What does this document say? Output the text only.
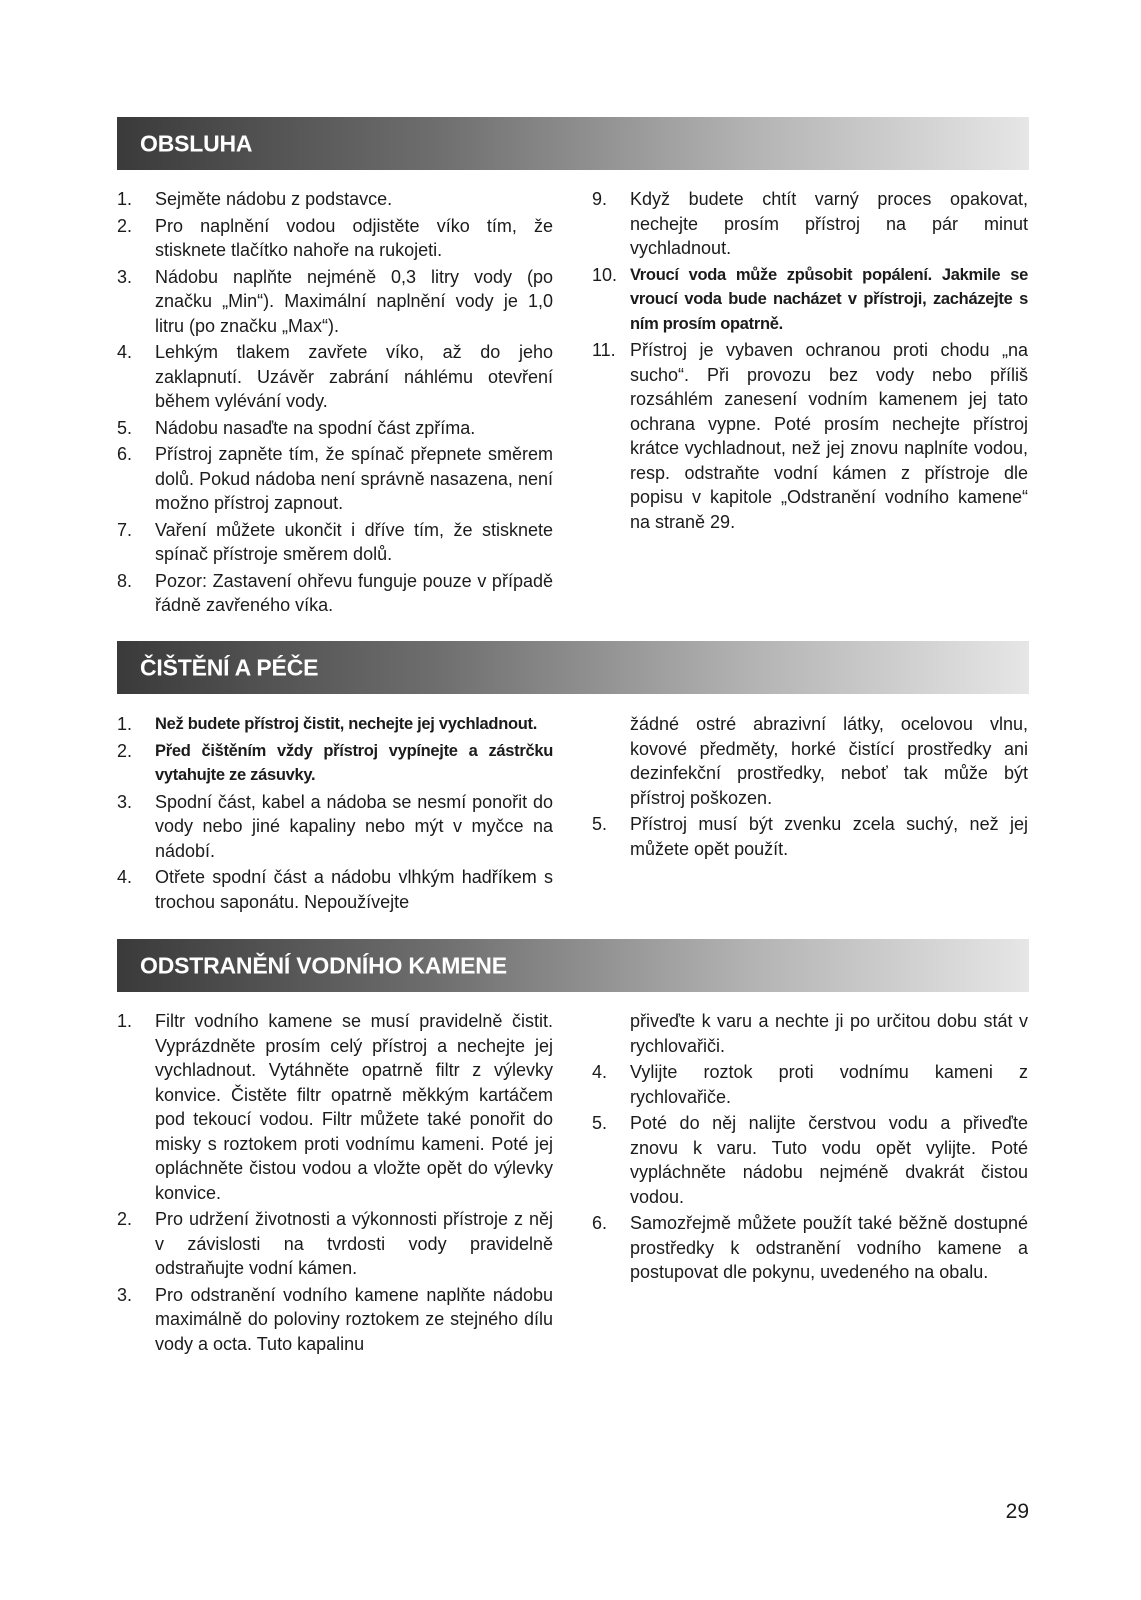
OBSLUHA
1. Sejměte nádobu z podstavce.
2. Pro naplnění vodou odjistěte víko tím, že stisknete tlačítko nahoře na rukojeti.
3. Nádobu naplňte nejméně 0,3 litry vody (po značku „Min“). Maximální naplnění vody je 1,0 litru (po značku „Max“).
4. Lehkým tlakem zavřete víko, až do jeho zaklapnutí. Uzávěr zabrání náhlému otevření během vylévání vody.
5. Nádobu nasaďte na spodní část zpříma.
6. Přístroj zapněte tím, že spínač přepnete směrem dolů. Pokud nádoba není správně nasazena, není možno přístroj zapnout.
7. Vaření můžete ukončit i dříve tím, že stisknete spínač přístroje směrem dolů.
8. Pozor: Zastavení ohřevu funguje pouze v případě řádně zavřeného víka.
9. Když budete chtít varný proces opakovat, nechejte prosím přístroj na pár minut vychladnout.
10. Vroucí voda může způsobit popálení. Jakmile se vroucí voda bude nacházet v přístroji, zacházejte s ním prosím opatrně.
11. Přístroj je vybaven ochranou proti chodu „na sucho“. Při provozu bez vody nebo příliš rozsáhlém zanesení vodním kamenem jej tato ochrana vypne. Poté prosím nechejte přístroj krátce vychladnout, než jej znovu naplníte vodou, resp. odstraňte vodní kámen z přístroje dle popisu v kapitole „Odstranění vodního kamene“ na straně 29.
ČIŠTĚNÍ A PÉČE
1. Než budete přístroj čistit, nechejte jej vychladnout.
2. Před čištěním vždy přístroj vypínejte a zástrčku vytahujte ze zásuvky.
3. Spodní část, kabel a nádoba se nesmí ponořit do vody nebo jiné kapaliny nebo mýt v myčce na nádobí.
4. Otřete spodní část a nádobu vlhkým hadříkem s trochou saponátu. Nepoužívejte
žádné ostré abrazivní látky, ocelovou vlnu, kovové předměty, horké čistící prostředky ani dezinfekční prostředky, neboť tak může být přístroj poškozen.
5. Přístroj musí být zvenku zcela suchý, než jej můžete opět použít.
ODSTRANĚNÍ VODNÍHO KAMENE
1. Filtr vodního kamene se musí pravidelně čistit. Vyprázdněte prosím celý přístroj a nechejte jej vychladnout. Vytáhněte opatrně filtr z výlevky konvice. Čistěte filtr opatrně měkkým kartáčem pod tekoucí vodou. Filtr můžete také ponořit do misky s roztokem proti vodnímu kameni. Poté jej opláchněte čistou vodou a vložte opět do výlevky konvice.
2. Pro udržení životnosti a výkonnosti přístroje z něj v závislosti na tvrdosti vody pravidelně odstraňujte vodní kámen.
3. Pro odstranění vodního kamene naplňte nádobu maximálně do poloviny roztokem ze stejného dílu vody a octa. Tuto kapalinu
přiveďte k varu a nechte ji po určitou dobu stát v rychlovařiči.
4. Vylijte roztok proti vodnímu kameni z rychlovařiče.
5. Poté do něj nalijte čerstvou vodu a přiveďte znovu k varu. Tuto vodu opět vylijte. Poté vypláchněte nádobu nejméně dvakrát čistou vodou.
6. Samozřejmě můžete použít také běžně dostupné prostředky k odstranění vodního kamene a postupovat dle pokynu, uvedeného na obalu.
29
